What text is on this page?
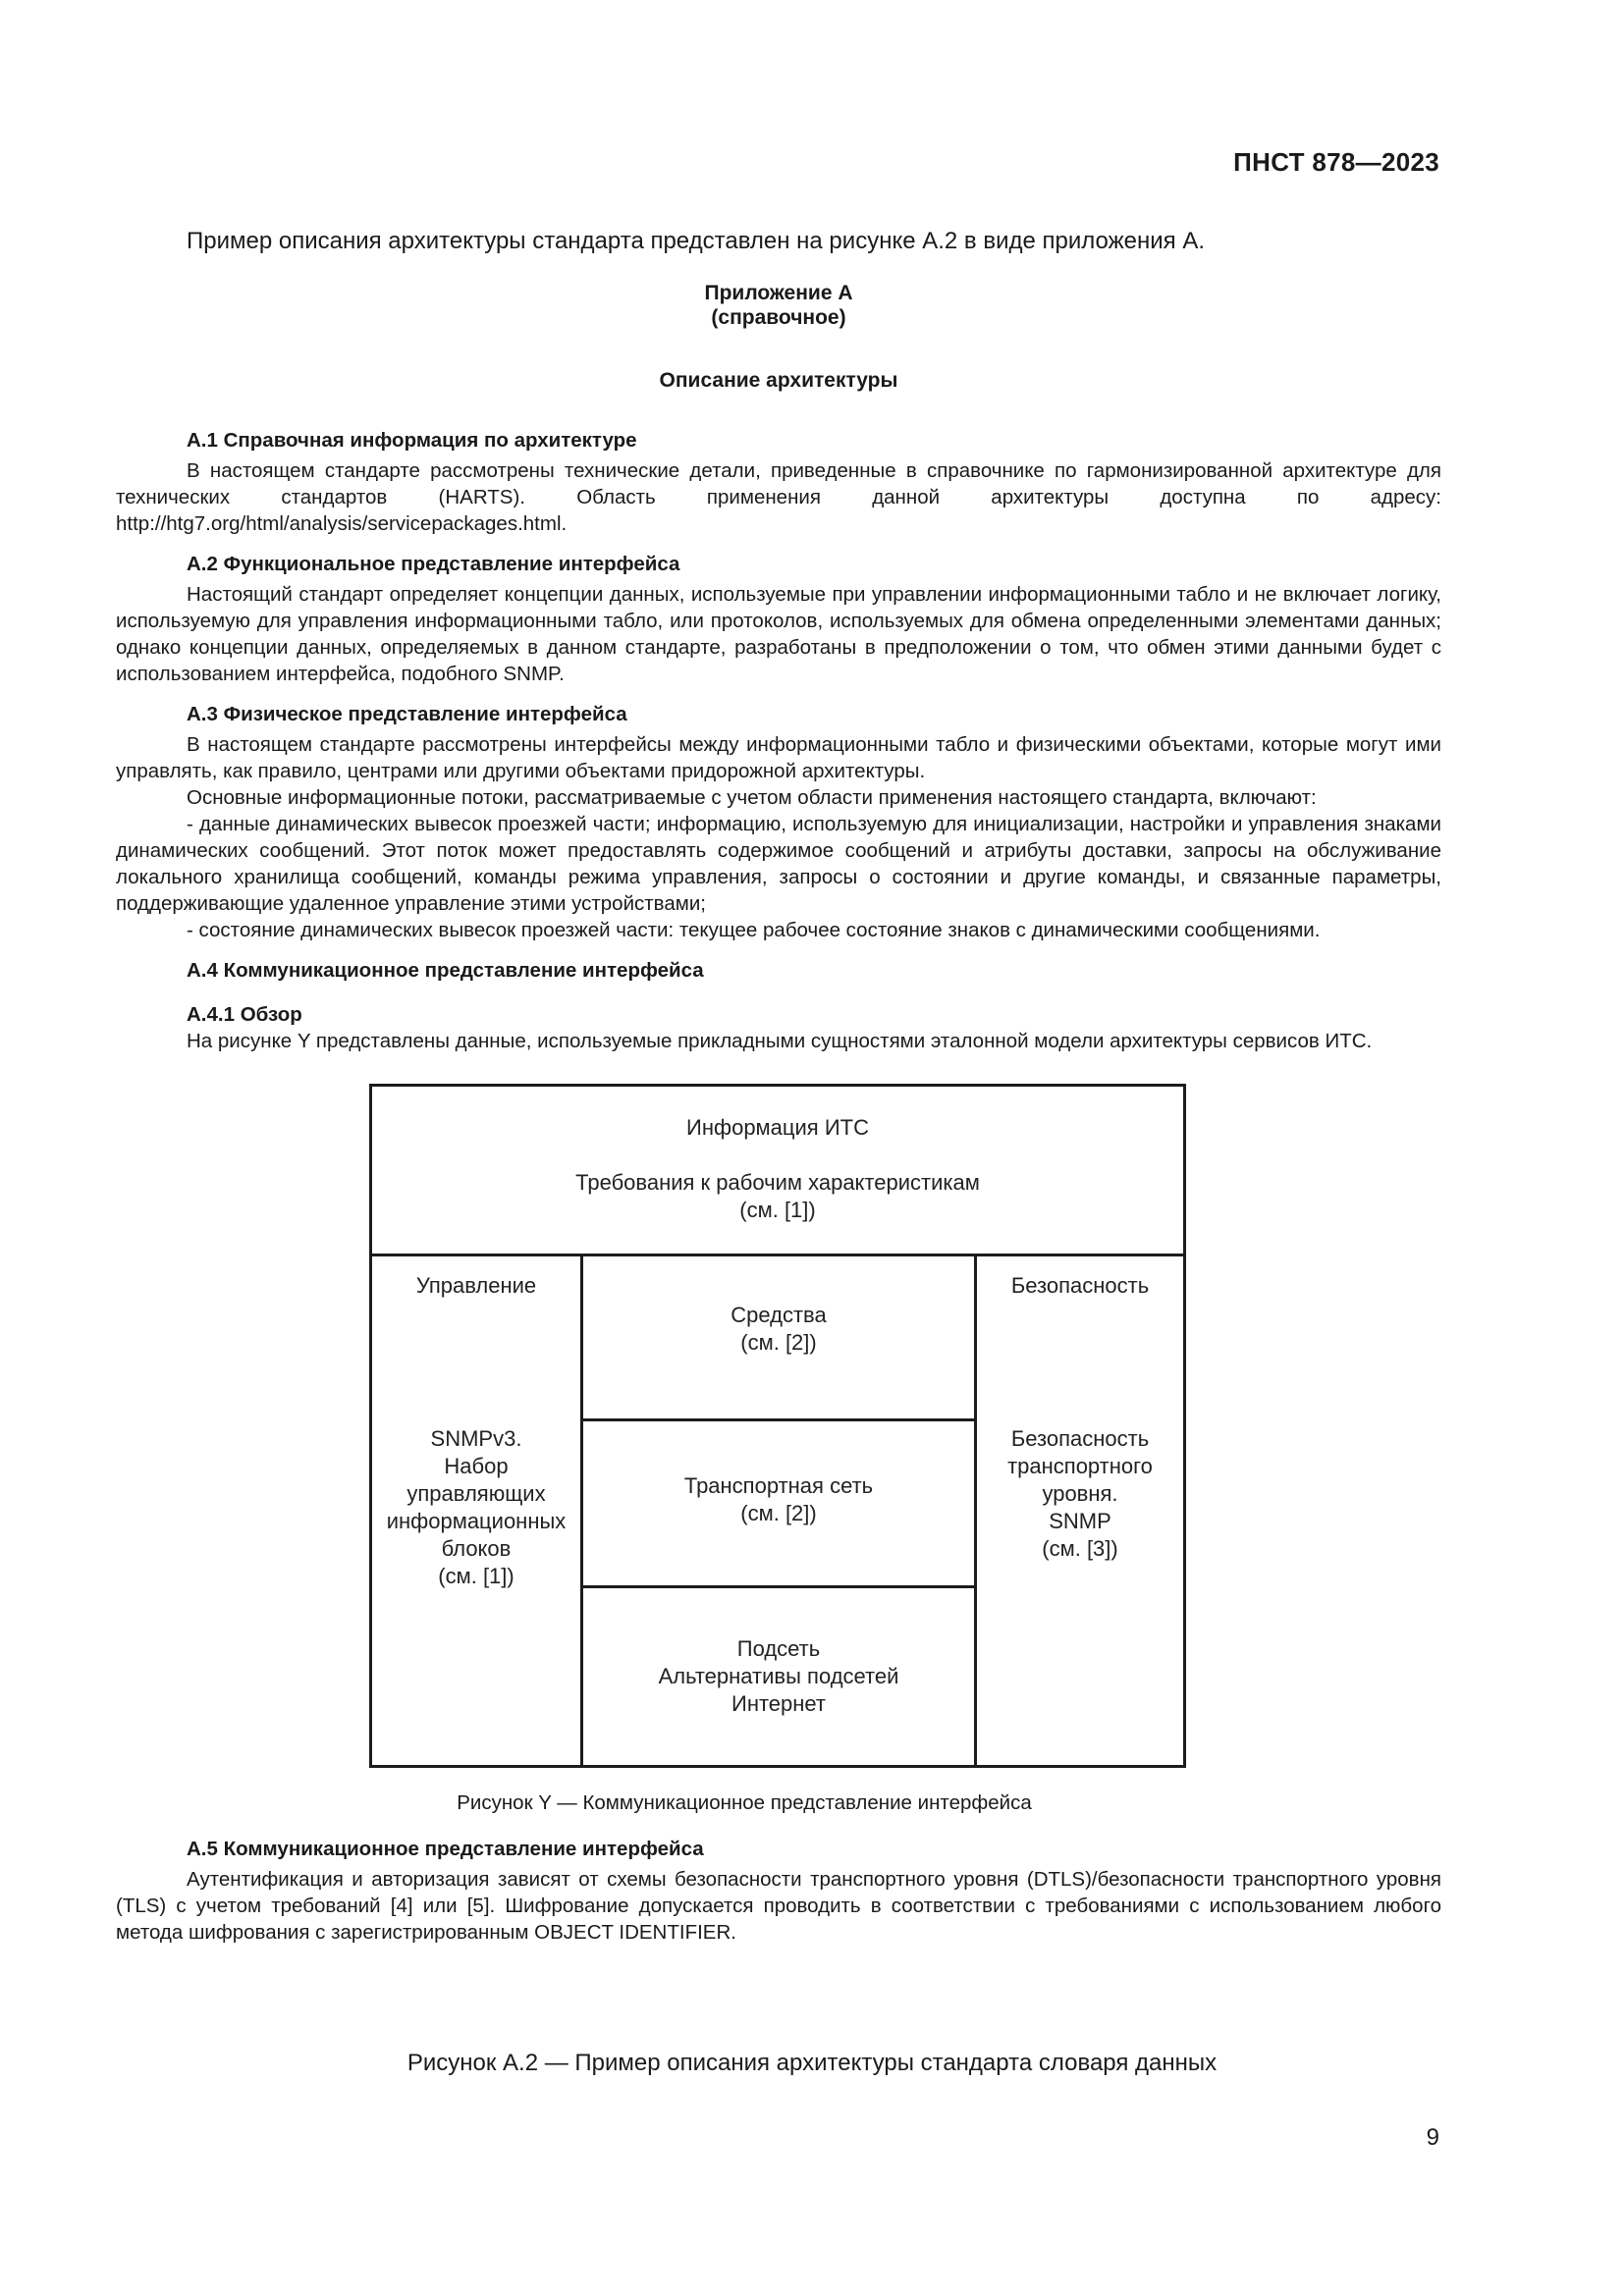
ПНСТ 878—2023
Пример описания архитектуры стандарта представлен на рисунке А.2 в виде приложения А.
Приложение А
(справочное)
Описание архитектуры
А.1 Справочная информация по архитектуре

В настоящем стандарте рассмотрены технические детали, приведенные в справочнике по гармонизированной архитектуре для технических стандартов (HARTS). Область применения данной архитектуры доступна по адресу: http://htg7.org/html/analysis/servicepackages.html.

А.2 Функциональное представление интерфейса

Настоящий стандарт определяет концепции данных, используемые при управлении информационными табло и не включает логику, используемую для управления информационными табло, или протоколов, используемых для обмена определенными элементами данных; однако концепции данных, определяемых в данном стандарте, разработаны в предположении о том, что обмен этими данными будет с использованием интерфейса, подобного SNMP.

А.3 Физическое представление интерфейса

В настоящем стандарте рассмотрены интерфейсы между информационными табло и физическими объектами, которые могут ими управлять, как правило, центрами или другими объектами придорожной архитектуры.

Основные информационные потоки, рассматриваемые с учетом области применения настоящего стандарта, включают:

- данные динамических вывесок проезжей части; информацию, используемую для инициализации, настройки и управления знаками динамических сообщений. Этот поток может предоставлять содержимое сообщений и атрибуты доставки, запросы на обслуживание локального хранилища сообщений, команды режима управления, запросы о состоянии и другие команды, и связанные параметры, поддерживающие удаленное управление этими устройствами;

- состояние динамических вывесок проезжей части: текущее рабочее состояние знаков с динамическими сообщениями.

А.4 Коммуникационное представление интерфейса
А.4.1 Обзор

На рисунке Y представлены данные, используемые прикладными сущностями эталонной модели архитектуры сервисов ИТС.

Информация ИТС
Требования к рабочим характеристикам
(см. [1])
Управление
SNMPv3.
Набор
управляющих
информационных
блоков
(см. [1])
Средства
(см. [2])
Транспортная сеть
(см. [2])
Подсеть
Альтернативы подсетей
Интернет
Безопасность
Безопасность
транспортного
уровня.
SNMP
(см. [3])
Рисунок Y — Коммуникационное представление интерфейса
А.5 Коммуникационное представление интерфейса

Аутентификация и авторизация зависят от схемы безопасности транспортного уровня (DTLS)/безопасности транспортного уровня (TLS) с учетом требований [4] или [5]. Шифрование допускается проводить в соответствии с требованиями с использованием любого метода шифрования с зарегистрированным OBJECT IDENTIFIER.

Рисунок А.2 — Пример описания архитектуры стандарта словаря данных
9
